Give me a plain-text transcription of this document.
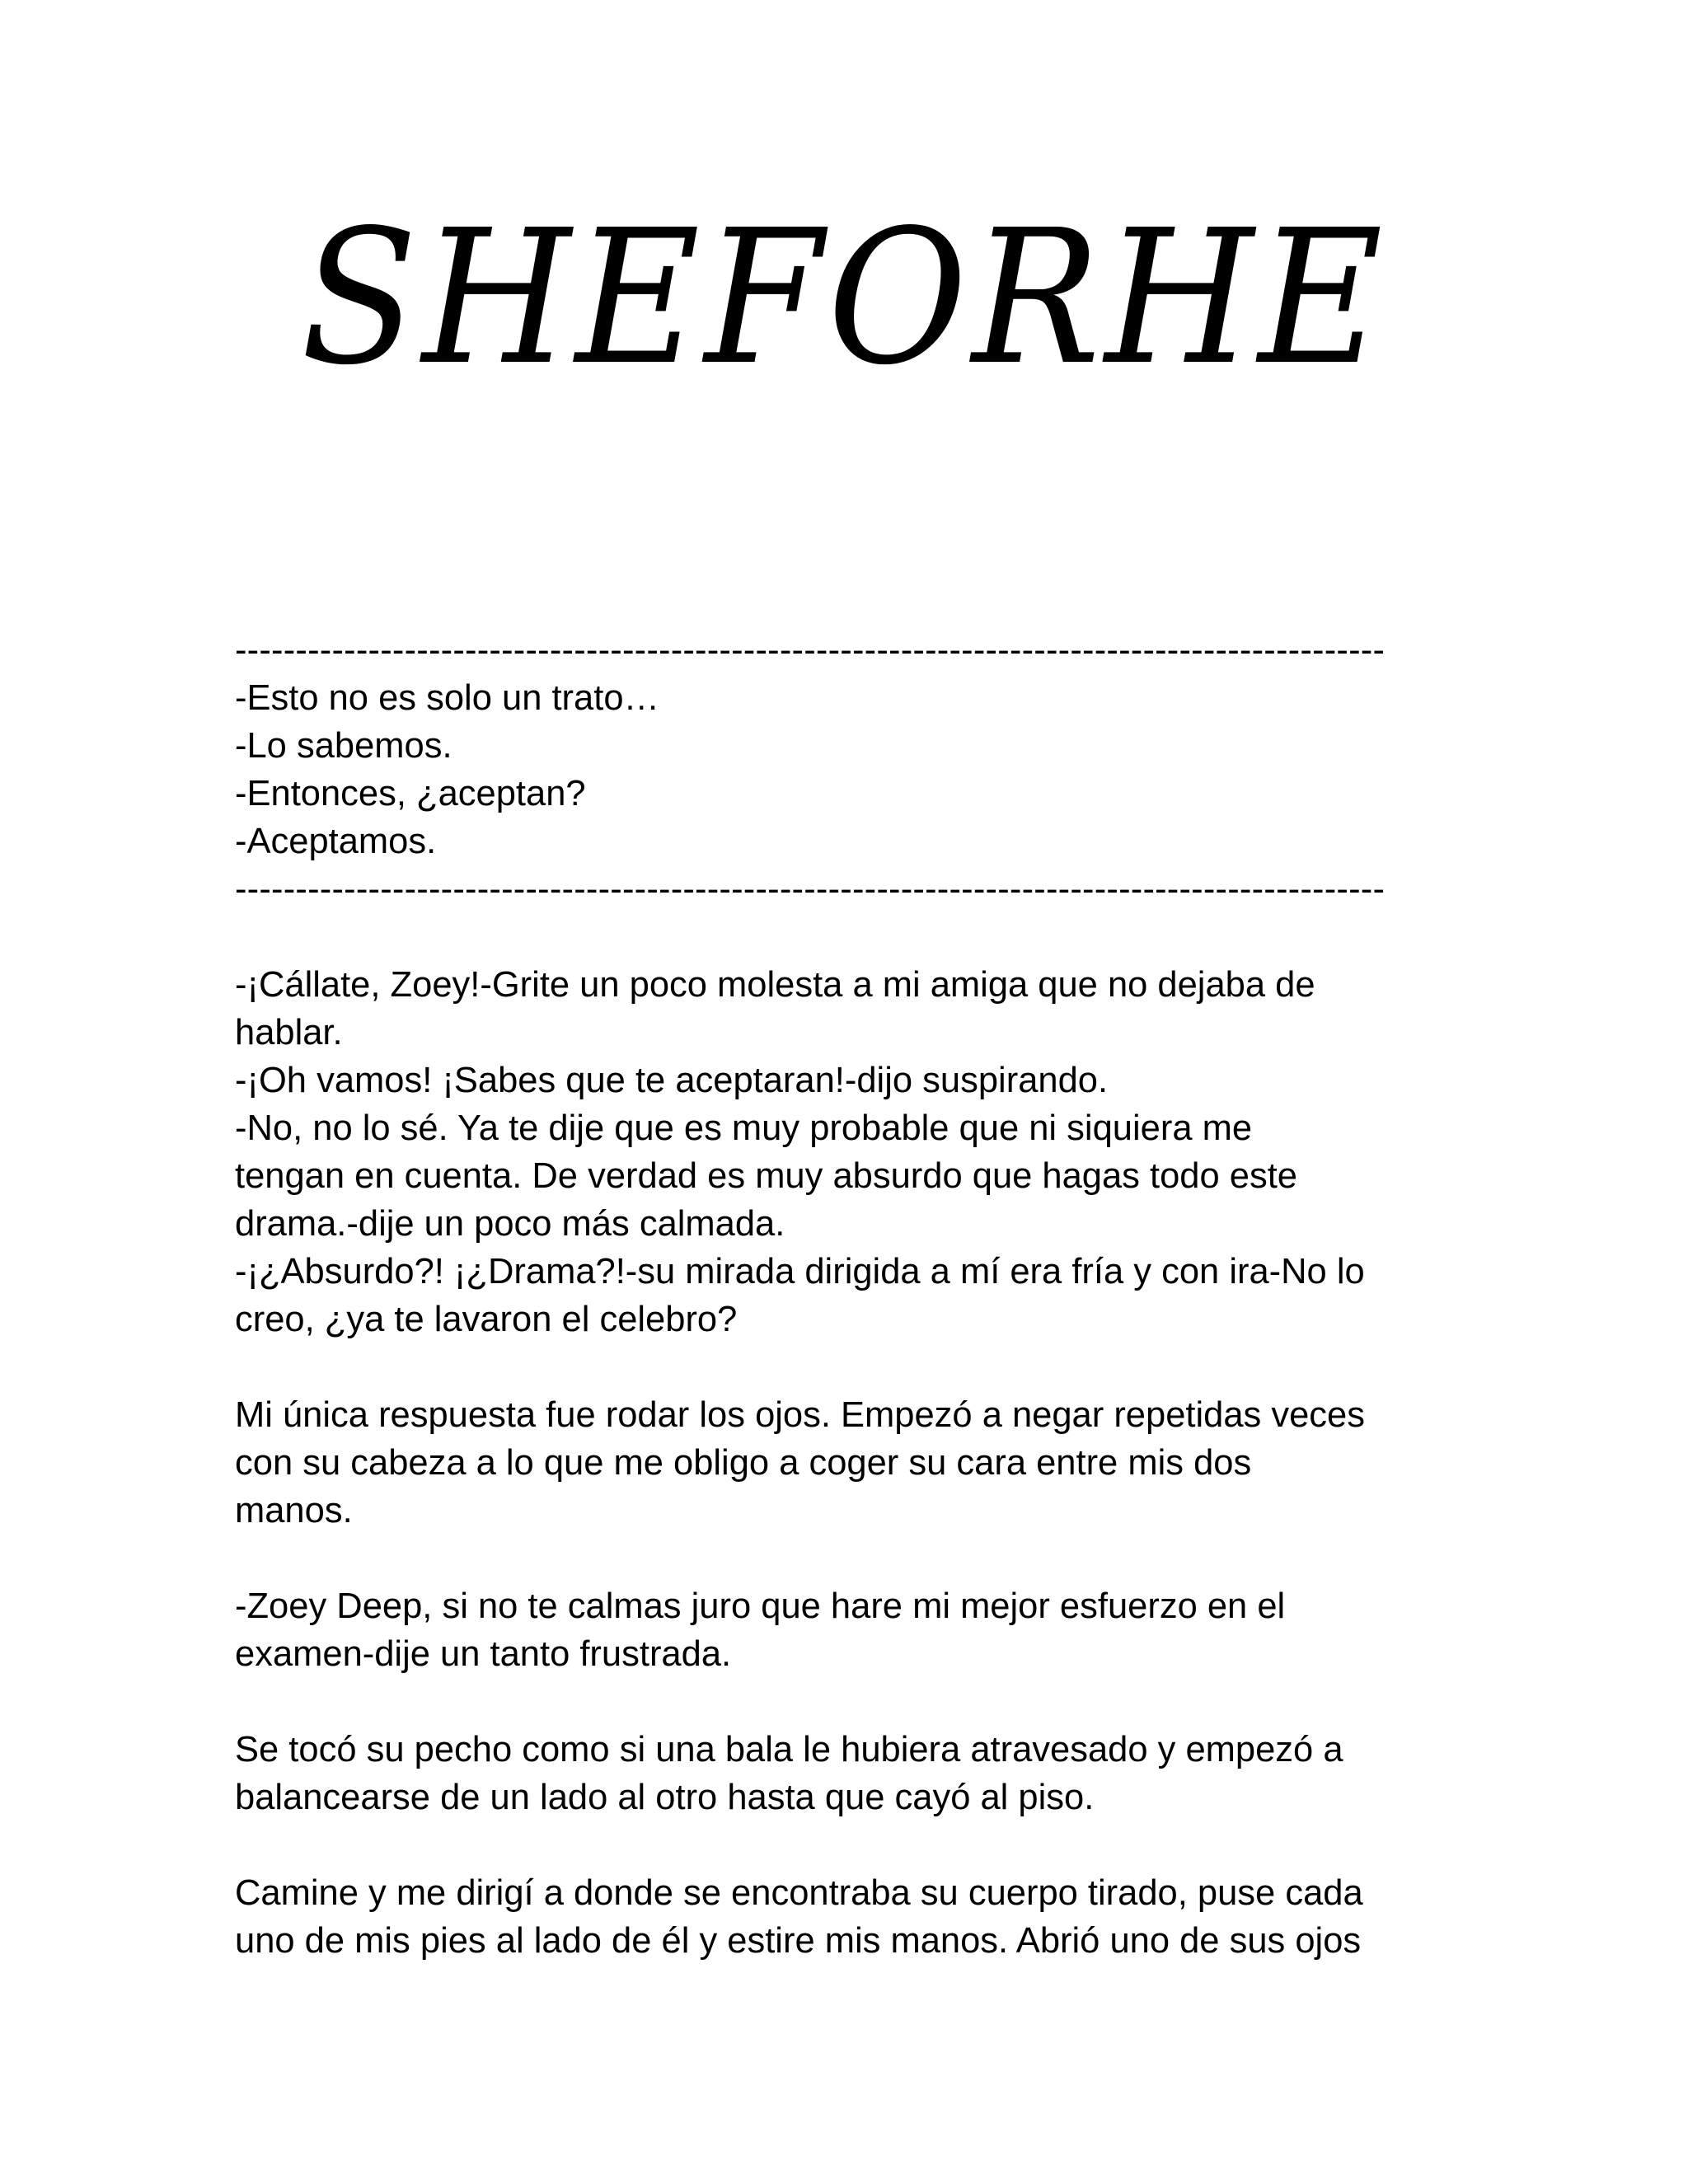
SHEFORHE
-----------------------------------------------------------------------------------------------
-Esto no es solo un trato…
-Lo sabemos.
-Entonces, ¿aceptan?
-Aceptamos.
-----------------------------------------------------------------------------------------------
-¡Cállate, Zoey!-Grite un poco molesta a mi amiga que no dejaba de
hablar.
-¡Oh vamos! ¡Sabes que te aceptaran!-dijo suspirando.
-No, no lo sé. Ya te dije que es muy probable que ni siquiera me
tengan en cuenta. De verdad es muy absurdo que hagas todo este
drama.-dije un poco más calmada.
-¡¿Absurdo?! ¡¿Drama?!-su mirada dirigida a mí era fría y con ira-No lo
creo, ¿ya te lavaron el celebro?
Mi única respuesta fue rodar los ojos. Empezó a negar repetidas veces
con su cabeza a lo que me obligo a coger su cara entre mis dos
manos.
-Zoey Deep, si no te calmas juro que hare mi mejor esfuerzo en el
examen-dije un tanto frustrada.
Se tocó su pecho como si una bala le hubiera atravesado y empezó a
balancearse de un lado al otro hasta que cayó al piso.
Camine y me dirigí a donde se encontraba su cuerpo tirado, puse cada
uno de mis pies al lado de él y estire mis manos. Abrió uno de sus ojos
